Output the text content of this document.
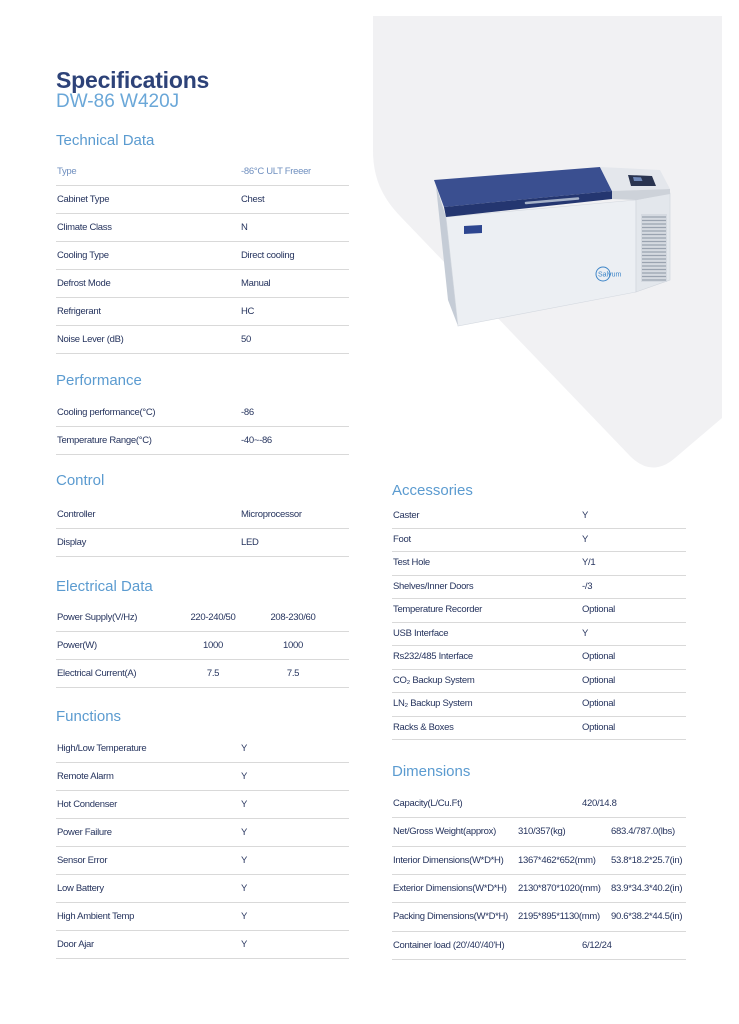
Salvum
Specifications
DW-86 W420J
Technical Data
Type	-86°C ULT Freeer
Cabinet Type	Chest
Climate Class	N
Cooling Type	Direct cooling
Defrost Mode	Manual
Refrigerant	HC
Noise Lever (dB)	50
Performance
Cooling performance(°C)	-86
Temperature Range(°C)	-40~-86
Control
Controller	Microprocessor
Display	LED
Electrical Data
Power Supply(V/Hz)	220-240/50	208-230/60
Power(W)	1000	1000
Electrical Current(A)	7.5	7.5
Functions
High/Low Temperature	Y
Remote Alarm	Y
Hot Condenser	Y
Power Failure	Y
Sensor Error	Y
Low Battery	Y
High Ambient Temp	Y
Door Ajar	Y
Accessories
Caster	Y
Foot	Y
Test Hole	Y/1
Shelves/Inner Doors	-/3
Temperature Recorder	Optional
USB Interface	Y
Rs232/485 Interface	Optional
CO₂ Backup System	Optional
LN₂ Backup System	Optional
Racks & Boxes	Optional
Dimensions
Capacity(L/Cu.Ft)	420/14.8
Net/Gross Weight(approx) 310/357(kg)	683.4/787.0(lbs)
Interior Dimensions(W*D*H) 1367*462*652(mm) 53.8*18.2*25.7(in)
Exterior Dimensions(W*D*H) 2130*870*1020(mm) 83.9*34.3*40.2(in)
Packing Dimensions(W*D*H) 2195*895*1130(mm) 90.6*38.2*44.5(in)
Container load (20'/40'/40'H)	6/12/24
